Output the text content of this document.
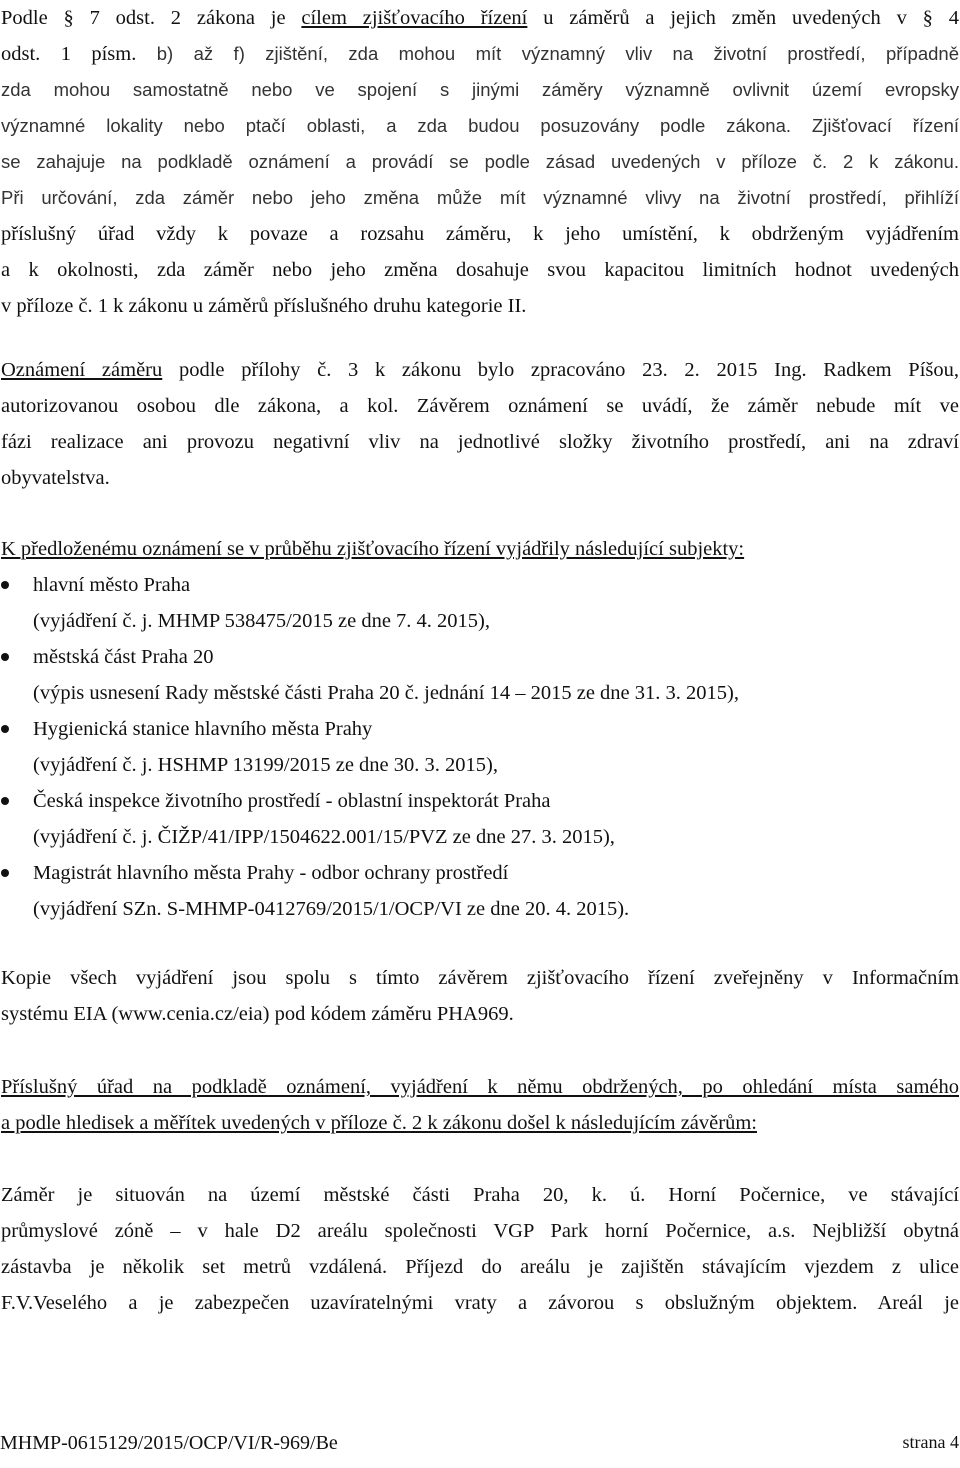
Podle § 7 odst. 2 zákona je cílem zjišťovacího řízení u záměrů a jejich změn uvedených v § 4
odst. 1 písm. b) až f) zjištění, zda mohou mít významný vliv na životní prostředí, případně
zda mohou samostatně nebo ve spojení s jinými záměry významně ovlivnit území evropsky
významné lokality nebo ptačí oblasti, a zda budou posuzovány podle zákona. Zjišťovací řízení
se zahajuje na podkladě oznámení a provádí se podle zásad uvedených v příloze č. 2 k zákonu.
Při určování, zda záměr nebo jeho změna může mít významné vlivy na životní prostředí, přihlíží
příslušný úřad vždy k povaze a rozsahu záměru, k jeho umístění, k obdrženým vyjádřením
a k okolnosti, zda záměr nebo jeho změna dosahuje svou kapacitou limitních hodnot uvedených
v příloze č. 1 k zákonu u záměrů příslušného druhu kategorie II.
Oznámení záměru podle přílohy č. 3 k zákonu bylo zpracováno 23. 2. 2015 Ing. Radkem Píšou,
autorizovanou osobou dle zákona, a kol. Závěrem oznámení se uvádí, že záměr nebude mít ve
fázi realizace ani provozu negativní vliv na jednotlivé složky životního prostředí, ani na zdraví
obyvatelstva.
K předloženému oznámení se v průběhu zjišťovacího řízení vyjádřily následující subjekty:
hlavní město Praha
(vyjádření č. j. MHMP 538475/2015 ze dne 7. 4. 2015),
městská část Praha 20
(výpis usnesení Rady městské části Praha 20 č. jednání 14 – 2015 ze dne 31. 3. 2015),
Hygienická stanice hlavního města Prahy
(vyjádření č. j. HSHMP 13199/2015 ze dne 30. 3. 2015),
Česká inspekce životního prostředí - oblastní inspektorát Praha
(vyjádření č. j. ČIŽP/41/IPP/1504622.001/15/PVZ ze dne 27. 3. 2015),
Magistrát hlavního města Prahy - odbor ochrany prostředí
(vyjádření SZn. S-MHMP-0412769/2015/1/OCP/VI ze dne 20. 4. 2015).
Kopie všech vyjádření jsou spolu s tímto závěrem zjišťovacího řízení zveřejněny v Informačním
systému EIA (www.cenia.cz/eia) pod kódem záměru PHA969.
Příslušný úřad na podkladě oznámení, vyjádření k němu obdržených, po ohledání místa samého
a podle hledisek a měřítek uvedených v příloze č. 2 k zákonu došel k následujícím závěrům:
Záměr je situován na území městské části Praha 20, k. ú. Horní Počernice, ve stávající
průmyslové zóně – v hale D2 areálu společnosti VGP Park horní Počernice, a.s. Nejbližší obytná
zástavba je několik set metrů vzdálená. Příjezd do areálu je zajištěn stávajícím vjezdem z ulice
F.V.Veselého a je zabezpečen uzavíratelnými vraty a závorou s obslužným objektem. Areál je
MHMP-0615129/2015/OCP/VI/R-969/Be	strana 4
